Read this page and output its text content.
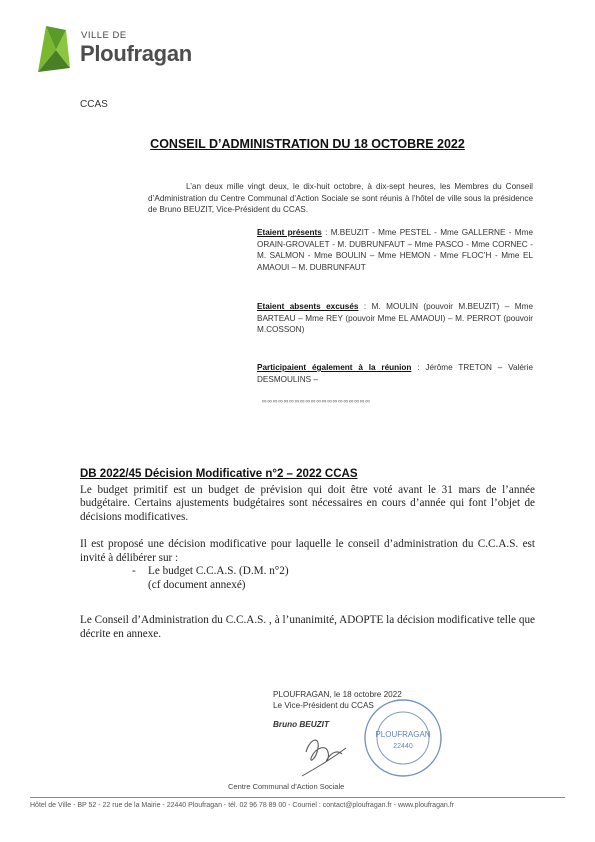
VILLE DE
Ploufragan
CCAS
CONSEIL D’ADMINISTRATION DU 18 OCTOBRE 2022
L’an deux mille vingt deux, le dix-huit octobre, à dix-sept heures, les Membres du Conseil d’Administration du Centre Communal d’Action Sociale se sont réunis à l’hôtel de ville sous la présidence de Bruno BEUZIT, Vice-Président du CCAS.
Etaient présents : M.BEUZIT - Mme PESTEL - Mme GALLERNE - Mme ORAIN-GROVALET - M. DUBRUNFAUT – Mme PASCO - Mme CORNEC - M. SALMON - Mme BOULIN – Mme HEMON - Mme FLOC’H - Mme EL AMAOUI – M. DUBRUNFAUT
Etaient absents excusés : M. MOULIN (pouvoir M.BEUZIT) – Mme BARTEAU – Mme REY (pouvoir Mme EL AMAOUI) – M. PERROT (pouvoir M.COSSON)
Participaient également à la réunion : Jérôme TRETON – Valérie DESMOULINS –
∞∞∞∞∞∞∞∞∞∞∞∞∞∞∞∞∞∞∞∞
DB 2022/45 Décision Modificative n°2 – 2022 CCAS
Le budget primitif est un budget de prévision qui doit être voté avant le 31 mars de l’année budgétaire. Certains ajustements budgétaires sont nécessaires en cours d’année qui font l’objet de décisions modificatives.
Il est proposé une décision modificative pour laquelle le conseil d’administration du C.C.A.S. est invité à délibérer sur :
-	Le budget C.C.A.S. (D.M. n°2)
(cf document annexé)
Le Conseil d’Administration du C.C.A.S. , à l’unanimité, ADOPTE la décision modificative telle que décrite en annexe.
PLOUFRAGAN, le 18 octobre 2022
Le Vice-Président du CCAS
Bruno BEUZIT
PLOUFRAGAN
22440
Centre Communal d’Action Sociale
Hôtel de Ville - BP 52 - 22 rue de la Mairie - 22440 Ploufragan - tél. 02 96 78 89 00 - Courriel : contact@ploufragan.fr - www.ploufragan.fr
